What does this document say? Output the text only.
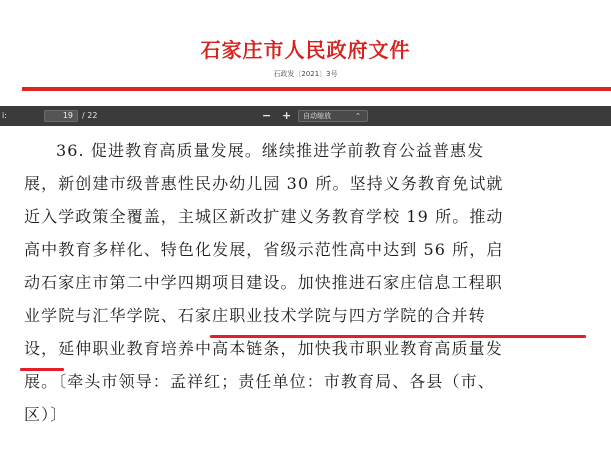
石家庄市人民政府文件
石政发〔2021〕3号
i:	19	/ 22	− +	自动缩放	⌃
36. 促进教育高质量发展。继续推进学前教育公益普惠发
展，新创建市级普惠性民办幼儿园 30 所。坚持义务教育免试就
近入学政策全覆盖，主城区新改扩建义务教育学校 19 所。推动
高中教育多样化、特色化发展，省级示范性高中达到 56 所，启
动石家庄市第二中学四期项目建设。加快推进石家庄信息工程职
业学院与汇华学院、石家庄职业技术学院与四方学院的合并转
设，延伸职业教育培养中高本链条，加快我市职业教育高质量发
展。〔牵头市领导：孟祥红；责任单位：市教育局、各县（市、
区）〕
